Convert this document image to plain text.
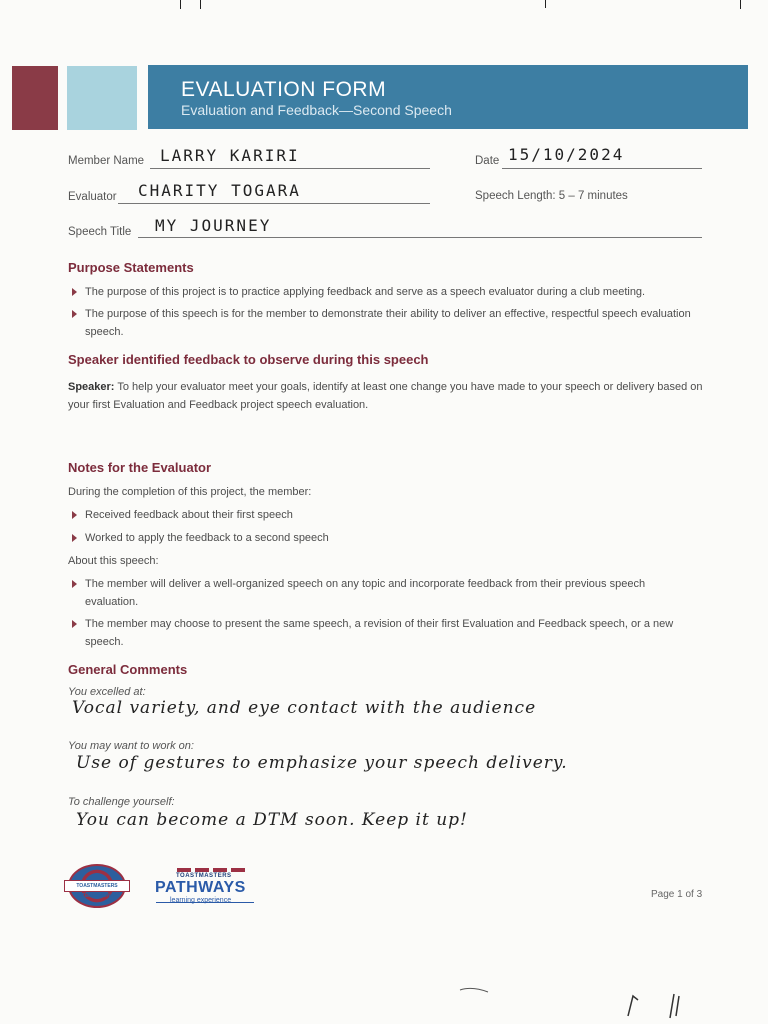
EVALUATION FORM
Evaluation and Feedback—Second Speech
Member Name LARRY KARIRI	Date 15/10/2024
Evaluator CHARITY TOGARA	Speech Length: 5 – 7 minutes
Speech Title MY JOURNEY
Purpose Statements
The purpose of this project is to practice applying feedback and serve as a speech evaluator during a club meeting.
The purpose of this speech is for the member to demonstrate their ability to deliver an effective, respectful speech evaluation speech.
Speaker identified feedback to observe during this speech
Speaker: To help your evaluator meet your goals, identify at least one change you have made to your speech or delivery based on your first Evaluation and Feedback project speech evaluation.
Notes for the Evaluator
During the completion of this project, the member:
Received feedback about their first speech
Worked to apply the feedback to a second speech
About this speech:
The member will deliver a well-organized speech on any topic and incorporate feedback from their previous speech evaluation.
The member may choose to present the same speech, a revision of their first Evaluation and Feedback speech, or a new speech.
General Comments
You excelled at:
Vocal variety, and eye contact with the audience
You may want to work on:
Use of gestures to emphasize your speech delivery.
To challenge yourself:
You can become a DTM soon. Keep it up!
TOASTMASTERS INTERNATIONAL
TOASTMASTERS
PATHWAYS
learning experience
Page 1 of 3
